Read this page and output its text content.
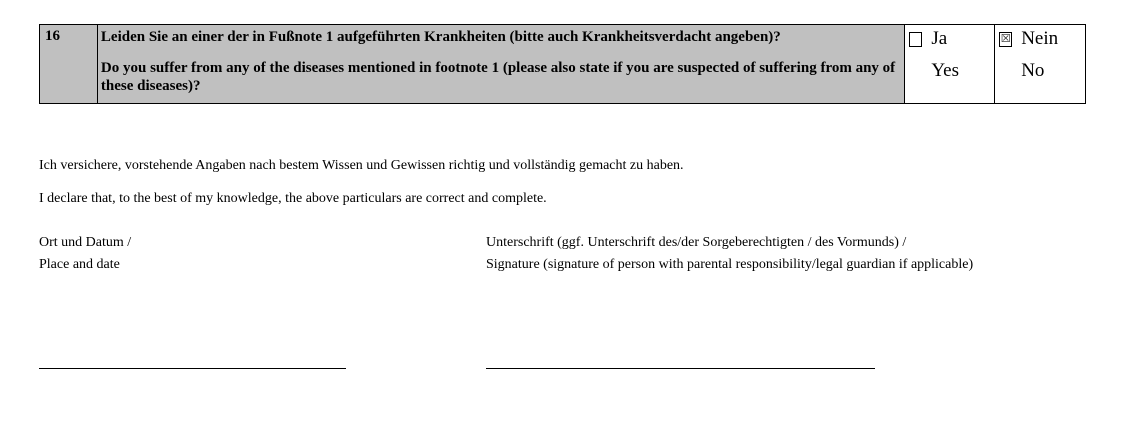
16	Leiden Sie an einer der in Fußnote 1 aufgeführten Krankheiten (bitte auch Krankheitsverdacht angeben)?
Do you suffer from any of the diseases mentioned in footnote 1 (please also state if you are suspected of suffering from any of these diseases)?
Ja
Yes
☒ Nein
No
Ich versichere, vorstehende Angaben nach bestem Wissen und Gewissen richtig und vollständig gemacht zu haben.
I declare that, to the best of my knowledge, the above particulars are correct and complete.
Ort und Datum /
Place and date
Unterschrift (ggf. Unterschrift des/der Sorgeberechtigten / des Vormunds) /
Signature (signature of person with parental responsibility/legal guardian if applicable)
